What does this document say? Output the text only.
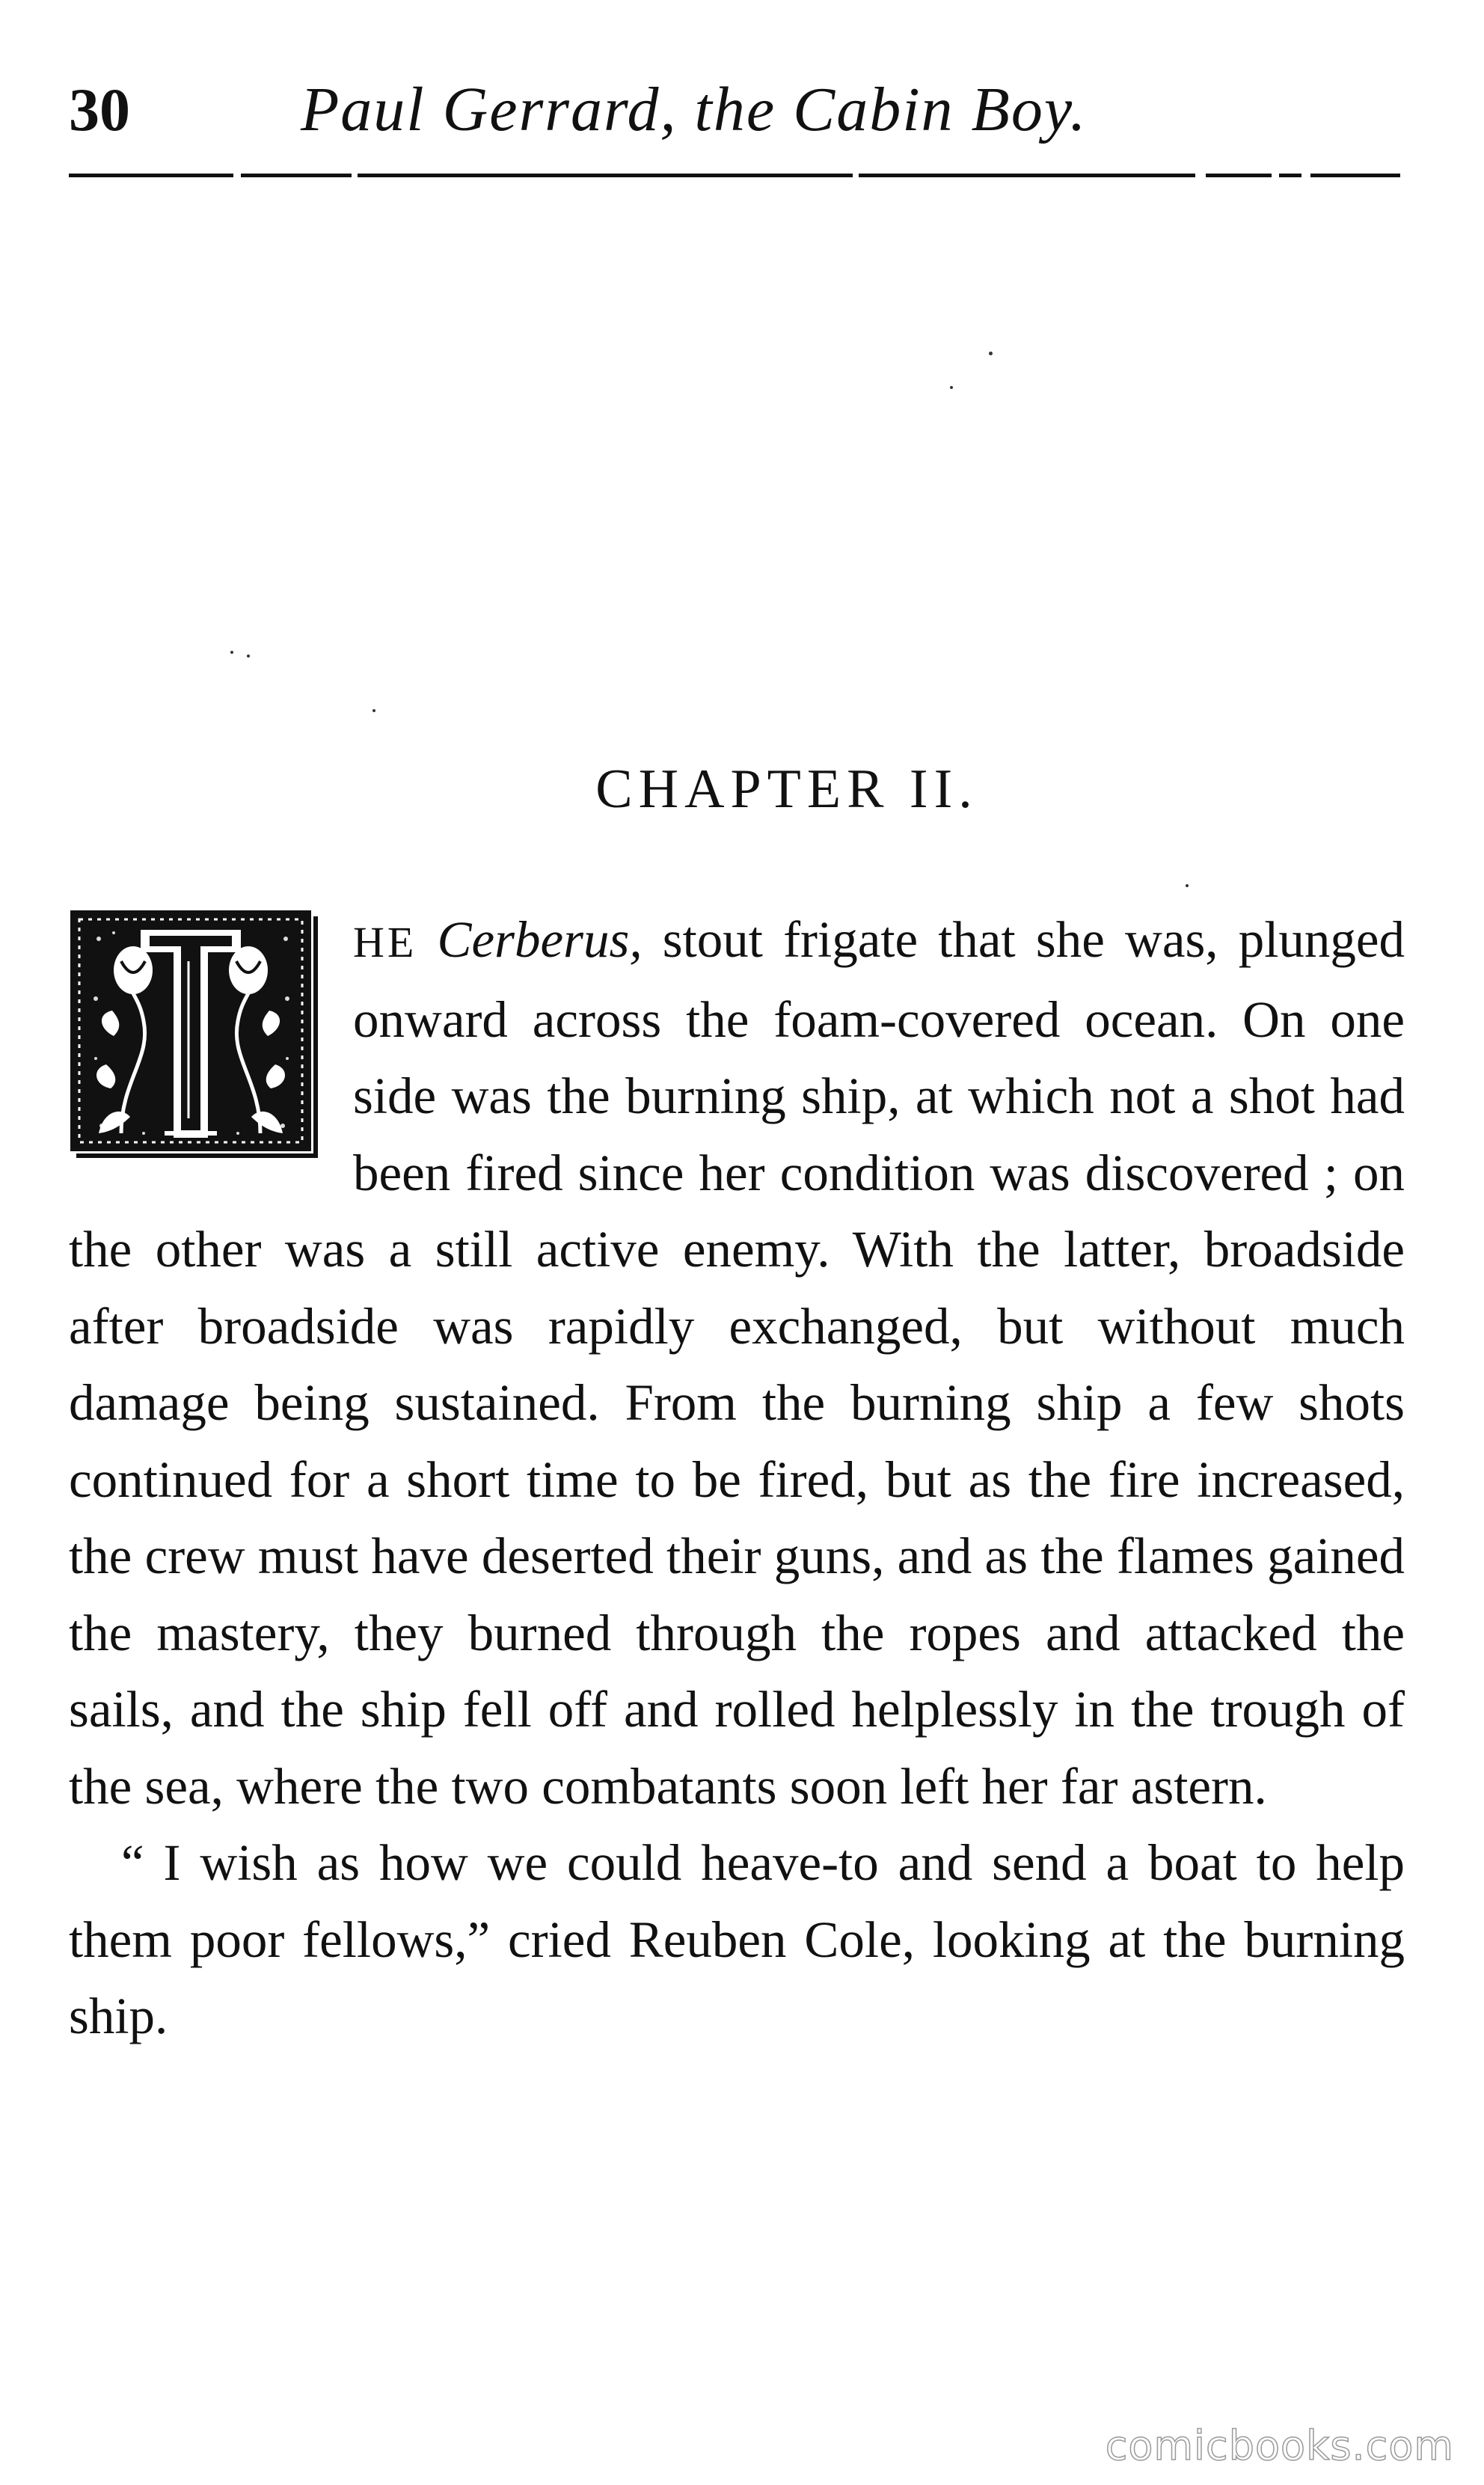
30	Paul Gerrard, the Cabin Boy.
CHAPTER II.

HE Cerberus, stout frigate that she was, plunged onward across the foam-covered ocean. On one side was the burning ship, at which not a shot had been fired since her condition was discovered ; on the other was a still active enemy. With the latter, broadside after broadside was rapidly exchanged, but without much damage being sustained. From the burning ship a few shots continued for a short time to be fired, but as the fire increased, the crew must have deserted their guns, and as the flames gained the mastery, they burned through the ropes and attacked the sails, and the ship fell off and rolled helplessly in the trough of the sea, where the two combatants soon left her far astern.

“ I wish as how we could heave-to and send a boat to help them poor fellows,” cried Reuben Cole, looking at the burning ship.

comicbooks.com
